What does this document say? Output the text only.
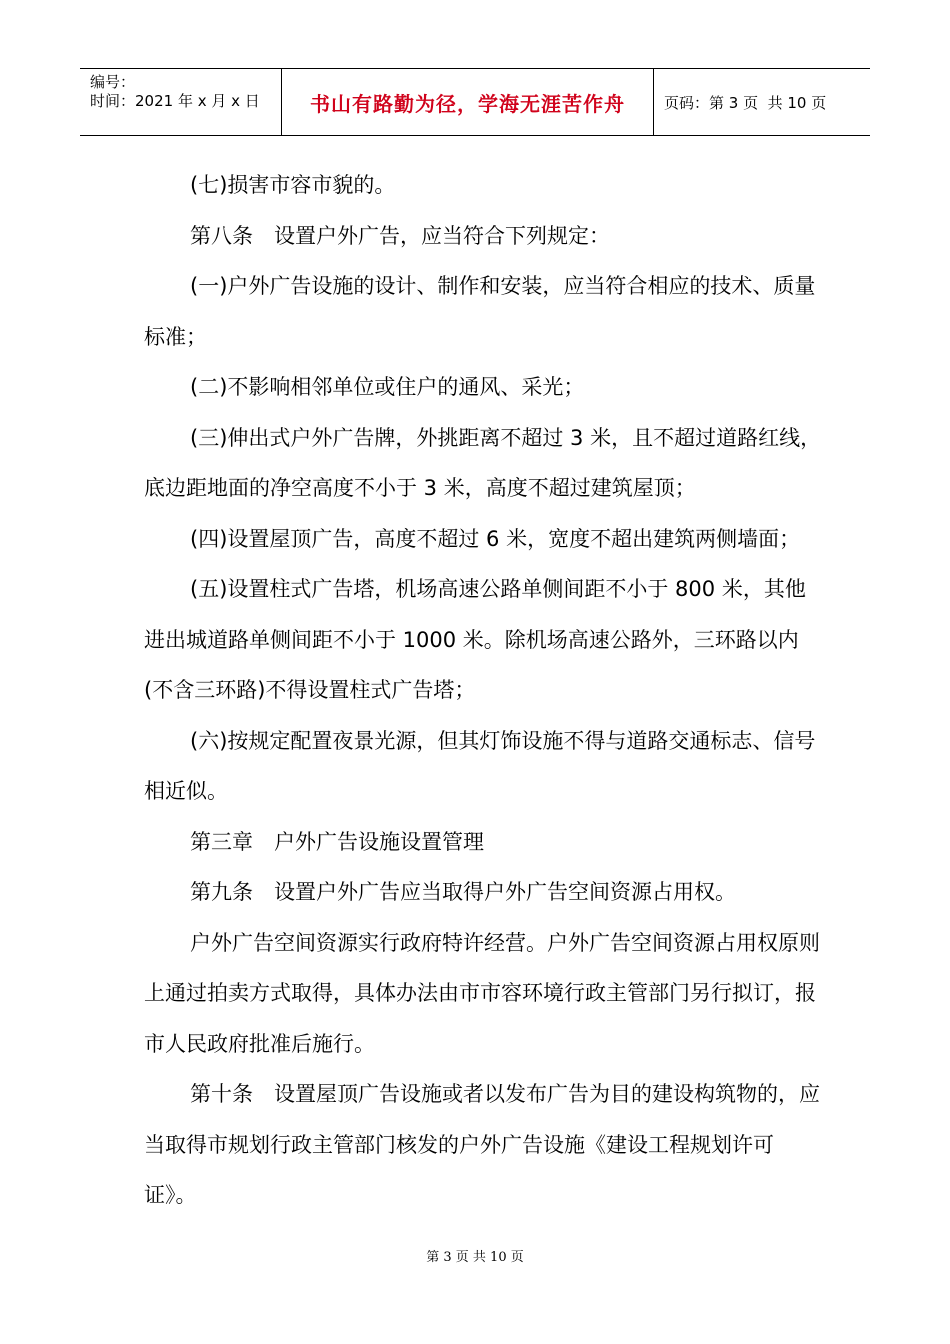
编号：
时间：2021 年 x 月 x 日	书山有路勤为径，学海无涯苦作舟	页码：第 3 页  共 10 页

(七)损害市容市貌的。

第八条　设置户外广告，应当符合下列规定：

(一)户外广告设施的设计、制作和安装，应当符合相应的技术、质量标准；

(二)不影响相邻单位或住户的通风、采光；

(三)伸出式户外广告牌，外挑距离不超过 3 米，且不超过道路红线，底边距地面的净空高度不小于 3 米，高度不超过建筑屋顶；

(四)设置屋顶广告，高度不超过 6 米，宽度不超出建筑两侧墙面；

(五)设置柱式广告塔，机场高速公路单侧间距不小于 800 米，其他进出城道路单侧间距不小于 1000 米。除机场高速公路外，三环路以内(不含三环路)不得设置柱式广告塔；

(六)按规定配置夜景光源，但其灯饰设施不得与道路交通标志、信号相近似。

第三章　户外广告设施设置管理

第九条　设置户外广告应当取得户外广告空间资源占用权。

户外广告空间资源实行政府特许经营。户外广告空间资源占用权原则上通过拍卖方式取得，具体办法由市市容环境行政主管部门另行拟订，报市人民政府批准后施行。

第十条　设置屋顶广告设施或者以发布广告为目的建设构筑物的，应当取得市规划行政主管部门核发的户外广告设施《建设工程规划许可证》。

第 3 页 共 10 页
